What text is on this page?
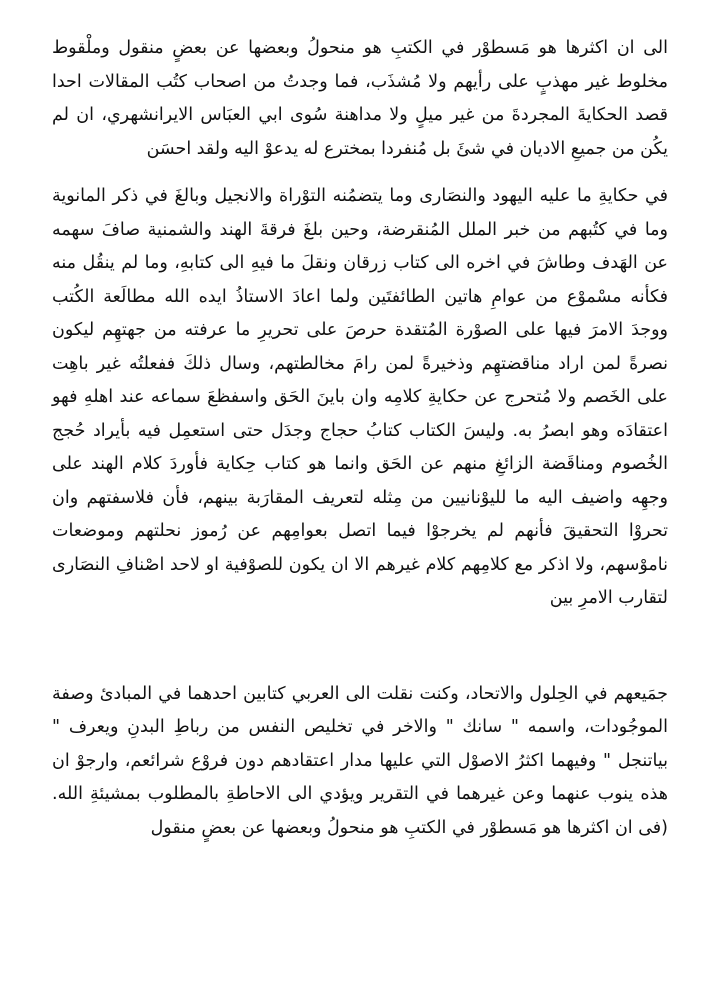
الى ان اكثرها هو مَسطوْر في الكتبِ هو منحولُ وبعضها عن بعضٍ منقول وملْقوط مخلوط غير مهذبٍ على رأيهم ولا مُشذَب، فما وجدتُ من اصحاب كتُب المقالات احدا قصد الحكايةَ المجردةَ من غير ميلٍ ولا مداهنة سُوى ابي العبَاس الايرانشهري، ان لم يكُن من جميعِ الاديان في شئَ بل مُنفردا بمخترع له يدعوْ اليه ولقد احسَن

في حكايةِ ما عليه اليهود والنصَارى وما يتضمُنه التوْراة والانجيل وبالغَ في ذكر المانوية وما في كتُبهم من خبر الملل المُنقرضة، وحين بلغَ فرقةَ الهند والشمنية صافَ سهمه عن الهَدف وطاشَ في اخره الى كتاب زرقان ونقلَ ما فيهِ الى كتابهِ، وما لم ينقُل منه فكأنه مسْموْع من عوامِ هاتين الطائفتَين ولما اعادَ الاستاذُ ايده الله مطالَعة الكُتب ووجدَ الامرَ فيها على الصوْرة المُتقدة حرصَ على تحريرِ ما عرفته من جهتهِم ليكون نصرةً لمن اراد مناقضتهِم وذخيرةً لمن رامَ مخالطتهم، وسال ذلكَ ففعلتُه غير باهِت على الخَصم ولا مُتحرج عن حكايةِ كلامِه وان باينَ الحَق واسفظعَ سماعه عند اهلهِ فهو اعتقادَه وهو ابصرُ به. وليسَ الكتاب كتابُ حجاج وجدَل حتى استعمِل فيه بأيراد حُجج الخُصوم ومناقَضة الزائغِ منهم عن الحَق وانما هو كتاب حِكاية فأوردَ كلام الهند على وجهِه واضيف اليه ما لليوْنانيين من مِثله لتعريف المقارَبة بينهم، فأن فلاسفتهم وان تحروْا التحقيقَ فأنهم لم يخرجوْا فيما اتصل بعوامِهم عن رُموز نحلتهم وموضعات ناموْسهم، ولا اذكر مع كلامِهم كلام غيرهم الا ان يكون للصوْفية او لاحد اصْنافِ النصَارى لتقارب الامرِ بين

جمَيعهم في الحِلول والاتحاد، وكنت نقلت الى العربي كتابين احدهما في المبادئ وصفة الموجُودات، واسمه " سانك " والاخر في تخليص النفس من رباطِ البدنِ ويعرف " بياتنجل " وفيهما اكثرُ الاصوْل التي عليها مدار اعتقادهم دون فروْع شرائعم، وارجوْ ان هذه ينوب عنهما وعن غيرهما في التقرير ويؤدي الى الاحاطةِ بالمطلوب بمشيئةِ الله. (فى ان اكثرها هو مَسطوْر في الكتبِ هو منحولُ وبعضها عن بعضٍ منقول
